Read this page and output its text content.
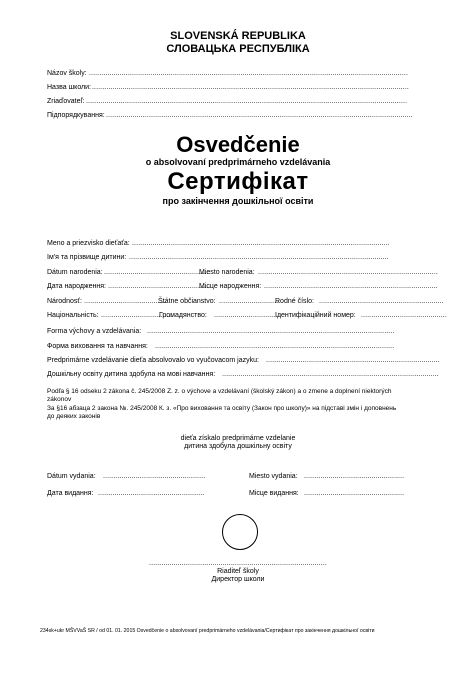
SLOVENSKÁ REPUBLIKA
СЛОВАЦЬКА РЕСПУБЛІКА
Názov školy: ............................................................................................................................................................
Назва школи: ...........................................................................................................................................................
Zriaďovateľ: .............................................................................................................................................................
Підпорядкування: ......................................................................................................................................................
Osvedčenie
o absolvovaní predprimárneho vzdelávania
Сертифікат
про закінчення дошкільної освіти
Meno a priezvisko dieťaťa: ..............................................................................................................................
Ім'я та прізвище дитини: ...............................................................................................................................
Dátum narodenia: ....................................................
Miesto narodenia: ........................................................................................
Дата народження: ..................................................
Місце народження: .....................................................................................
Národnosť: ........................................
Štátne občianstvo: ..............................
Rodné číslo: .............................................................
Національність: ...................................
Громадянство: ...............................
Ідентифікаційний номер: ..........................................
Forma výchovy a vzdelávania: .........................................................................................................................
Форма виховання та навчання: .....................................................................................................................
Predprimárne vzdelávanie dieťa absolvovalo vo vyučovacom jazyku: .....................................................................................
Дошкільну освіту дитина здобула на мові навчання: ..........................................................................................................
Podľa § 16 odseku 2 zákona č. 245/2008 Z. z. o výchove a vzdelávaní (školský zákon) a o zmene a doplnení niektorých
zákonov
За §16 абзаца 2 закона №. 245/2008 К. з. «Про виховання та освіту (Закон про школу)» на підставі змін і доповнень
до деяких законів
dieťa získalo predprimárne vzdelanie
дитина здобула дошкільну освіту
Dátum vydania: ..................................................	Miesto vydania: .................................................
Дата видання: ....................................................	Місце видання: .................................................
.......................................................................................
Riaditeľ školy
Директор школи
234sk+ukr MŠVVaŠ SR / od 01. 01. 2015 Osvedčenie o absolvovaní predprimárneho vzdelávania/Сертифікат про закінчення дошкільної освіти
